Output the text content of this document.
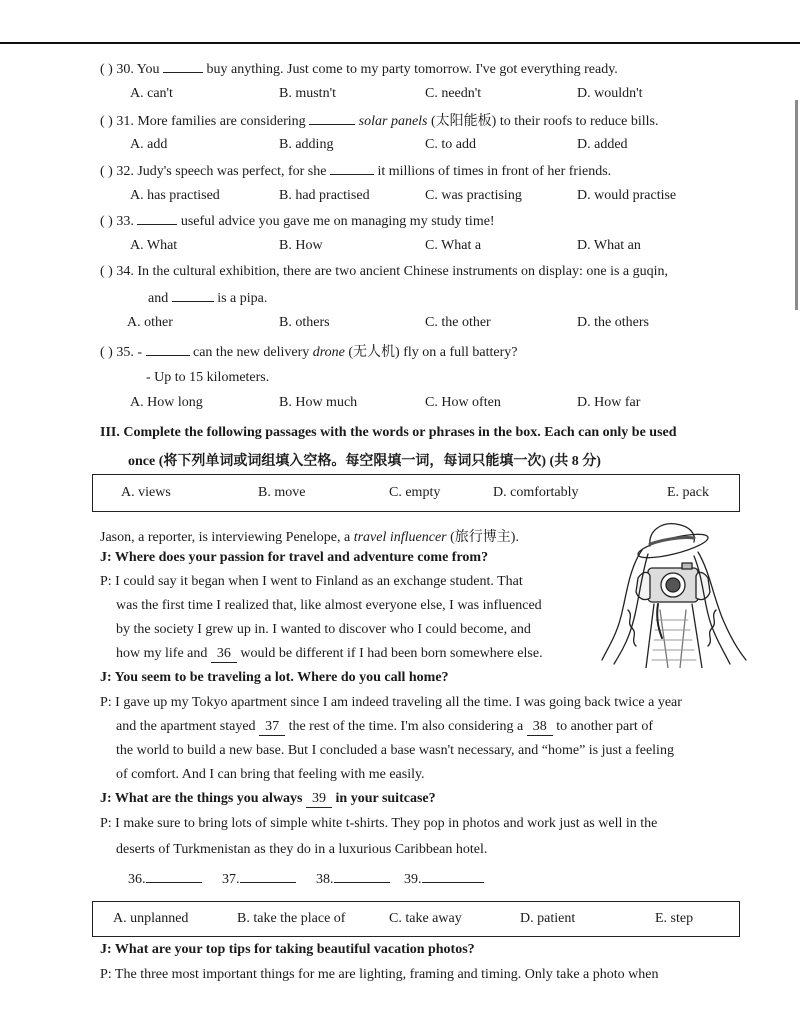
( ) 30. You	buy anything. Just come to my party tomorrow. I've got everything ready.
A. can't	B. mustn't	C. needn't	D. wouldn't
( ) 31. More families are considering	solar panels (太阳能板) to their roofs to reduce bills.
A. add	B. adding	C. to add	D. added
( ) 32. Judy's speech was perfect, for she	it millions of times in front of her friends.
A. has practised	B. had practised	C. was practising	D. would practise
( ) 33.	useful advice you gave me on managing my study time!
A. What	B. How	C. What a	D. What an
( ) 34. In the cultural exhibition, there are two ancient Chinese instruments on display: one is a guqin,
and	is a pipa.
A. other	B. others	C. the other	D. the others
( ) 35. -	can the new delivery drone (无人机) fly on a full battery?
- Up to 15 kilometers.
A. How long	B. How much	C. How often	D. How far
III. Complete the following passages with the words or phrases in the box. Each can only be used
once (将下列单词或词组填入空格。每空限填一词，每词只能填一次) (共 8 分)
A. views	B. move	C. empty	D. comfortably	E. pack
Jason, a reporter, is interviewing Penelope, a travel influencer (旅行博主).
J: Where does your passion for travel and adventure come from?
P: I could say it began when I went to Finland as an exchange student. That
was the first time I realized that, like almost everyone else, I was influenced
by the society I grew up in. I wanted to discover who I could become, and
how my life and 36 would be different if I had been born somewhere else.
J: You seem to be traveling a lot. Where do you call home?
P: I gave up my Tokyo apartment since I am indeed traveling all the time. I was going back twice a year
and the apartment stayed 37 the rest of the time. I'm also considering a 38 to another part of
the world to build a new base. But I concluded a base wasn't necessary, and “home” is just a feeling
of comfort. And I can bring that feeling with me easily.
J: What are the things you always 39 in your suitcase?
P: I make sure to bring lots of simple white t-shirts. They pop in photos and work just as well in the
deserts of Turkmenistan as they do in a luxurious Caribbean hotel.
36.	37.	38.	39.
A. unplanned	B. take the place of	C. take away	D. patient	E. step
J: What are your top tips for taking beautiful vacation photos?
P: The three most important things for me are lighting, framing and timing. Only take a photo when
